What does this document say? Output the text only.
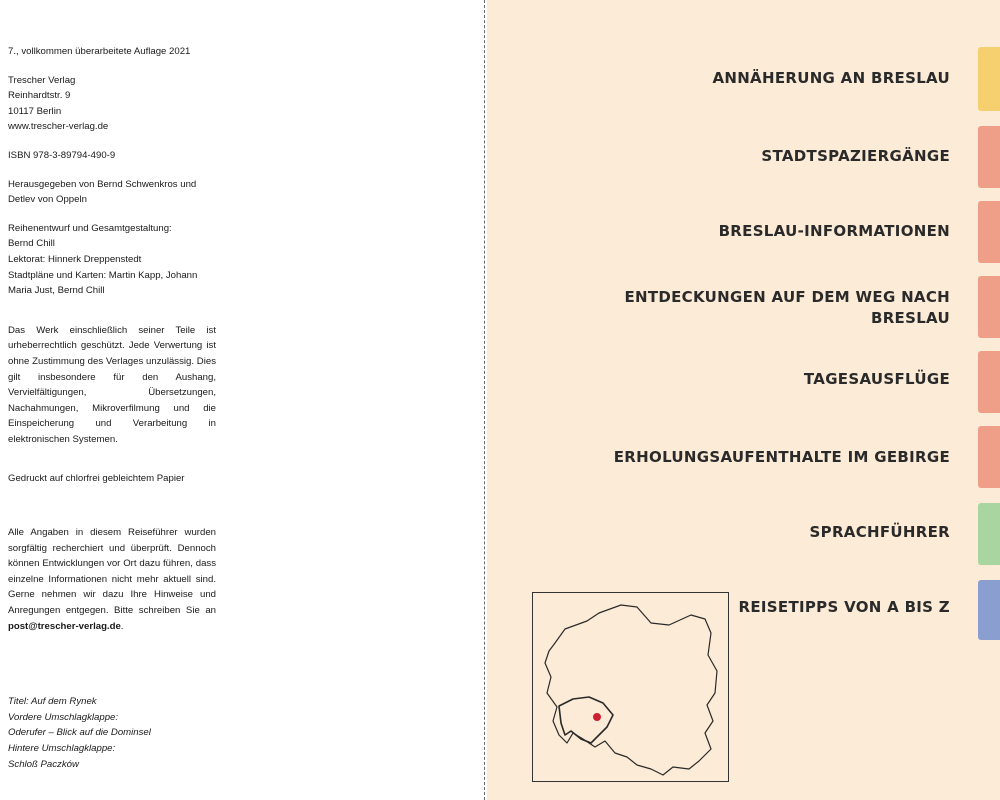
7., vollkommen überarbeitete Auflage 2021

Trescher Verlag

Reinhardtstr. 9

10117 Berlin

www.trescher-verlag.de

ISBN 978-3-89794-490-9

Herausgegeben von Bernd Schwenkros und

Detlev von Oppeln

Reihenentwurf und Gesamtgestaltung:

Bernd Chill

Lektorat: Hinnerk Dreppenstedt

Stadtpläne und Karten: Martin Kapp, Johann

Maria Just, Bernd Chill

Das Werk einschließlich seiner Teile ist urheberrechtlich geschützt. Jede Verwertung ist ohne Zustimmung des Verlages unzulässig. Dies gilt insbesondere für den Aushang, Vervielfältigungen, Übersetzungen, Nachahmungen, Mikroverfilmung und die Einspeicherung und Verarbeitung in elektronischen Systemen.

Gedruckt auf chlorfrei gebleichtem Papier

Alle Angaben in diesem Reiseführer wurden sorgfältig recherchiert und überprüft. Dennoch können Entwicklungen vor Ort dazu führen, dass einzelne Informationen nicht mehr aktuell sind. Gerne nehmen wir dazu Ihre Hinweise und Anregungen entgegen. Bitte schreiben Sie an post@trescher-verlag.de.

Titel: Auf dem Rynek

Vordere Umschlagklappe:

Oderufer – Blick auf die Dominsel

Hintere Umschlagklappe:

Schloß Paczków

ANNÄHERUNG AN BRESLAU
STADTSPAZIERGÄNGE
BRESLAU-INFORMATIONEN
ENTDECKUNGEN AUF DEM WEG NACH BRESLAU
TAGESAUSFLÜGE
ERHOLUNGSAUFENTHALTE IM GEBIRGE
SPRACHFÜHRER
REISETIPPS VON A BIS Z
